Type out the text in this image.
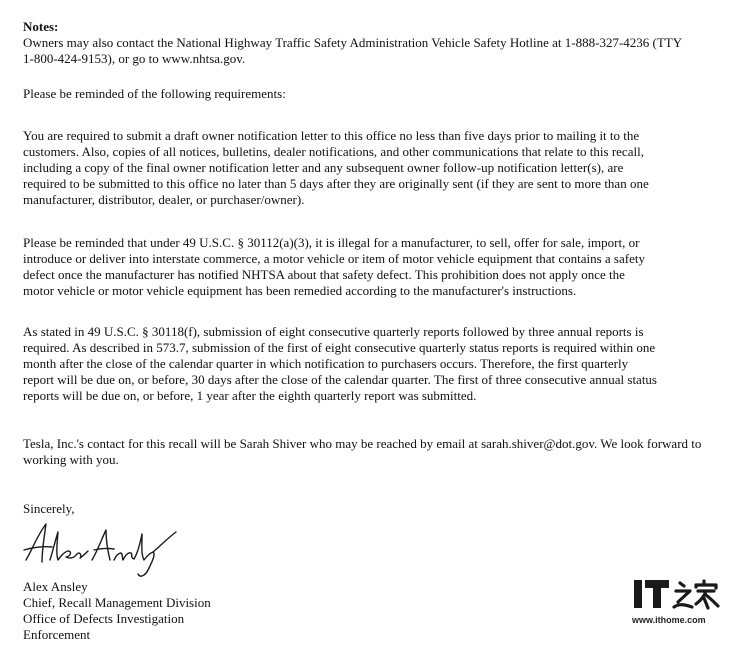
Notes:
Owners may also contact the National Highway Traffic Safety Administration Vehicle Safety Hotline at 1-888-327-4236 (TTY
1-800-424-9153), or go to www.nhtsa.gov.
Please be reminded of the following requirements:
You are required to submit a draft owner notification letter to this office no less than five days prior to mailing it to the
customers. Also, copies of all notices, bulletins, dealer notifications, and other communications that relate to this recall,
including a copy of the final owner notification letter and any subsequent owner follow-up notification letter(s), are
required to be submitted to this office no later than 5 days after they are originally sent (if they are sent to more than one
manufacturer, distributor, dealer, or purchaser/owner).
Please be reminded that under 49 U.S.C. § 30112(a)(3), it is illegal for a manufacturer, to sell, offer for sale, import, or
introduce or deliver into interstate commerce, a motor vehicle or item of motor vehicle equipment that contains a safety
defect once the manufacturer has notified NHTSA about that safety defect. This prohibition does not apply once the
motor vehicle or motor vehicle equipment has been remedied according to the manufacturer's instructions.
As stated in 49 U.S.C. § 30118(f), submission of eight consecutive quarterly reports followed by three annual reports is
required. As described in 573.7, submission of the first of eight consecutive quarterly status reports is required within one
month after the close of the calendar quarter in which notification to purchasers occurs. Therefore, the first quarterly
report will be due on, or before, 30 days after the close of the calendar quarter. The first of three consecutive annual status
reports will be due on, or before, 1 year after the eighth quarterly report was submitted.
Tesla, Inc.'s contact for this recall will be Sarah Shiver who may be reached by email at sarah.shiver@dot.gov. We look forward to
working with you.
Sincerely,
Alex Ansley
Chief, Recall Management Division
Office of Defects Investigation
Enforcement
www.ithome.com
